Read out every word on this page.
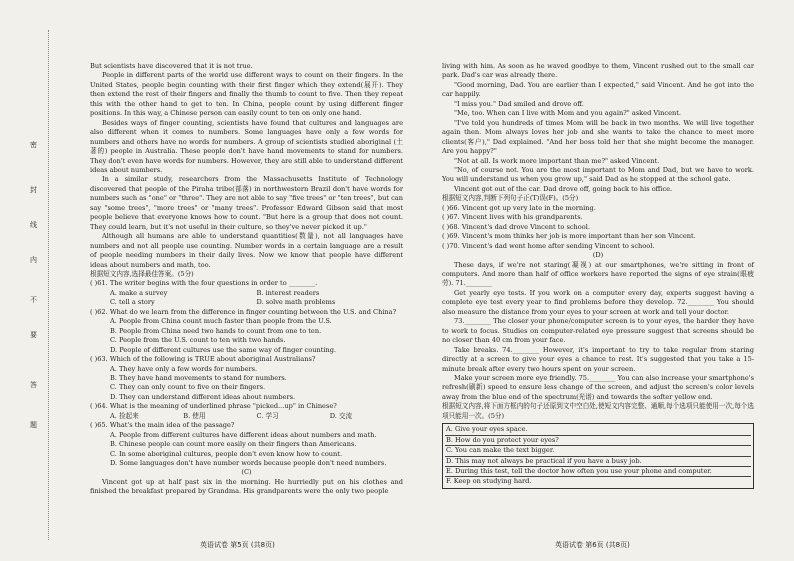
密
封
线
内
不
要
答
题

But scientists have discovered that it is not true.

People in different parts of the world use different ways to count on their fingers. In the United States, people begin counting with their first finger which they extend(展开). They then extend the rest of their fingers and finally the thumb to count to five. Then they repeat this with the other hand to get to ten. In China, people count by using different finger positions. In this way, a Chinese person can easily count to ten on only one hand.

Besides ways of finger counting, scientists have found that cultures and languages are also different when it comes to numbers. Some languages have only a few words for numbers and others have no words for numbers. A group of scientists studied aboriginal (土著的) people in Australia. These people don't have hand movements to stand for numbers. They don't even have words for numbers. However, they are still able to understand different ideas about numbers.

In a similar study, researchers from the Massachusetts Institute of Technology discovered that people of the Piraha tribe(部落) in northwestern Brazil don't have words for numbers such as "one" or "three". They are not able to say "five trees" or "ten trees", but can say "some trees", "more trees" or "many trees". Professor Edward Gibson said that most people believe that everyone knows how to count. "But here is a group that does not count. They could learn, but it's not useful in their culture, so they've never picked it up."

Although all humans are able to understand quantities(数量), not all languages have numbers and not all people use counting. Number words in a certain language are a result of people needing numbers in their daily lives. Now we know that people have different ideas about numbers and math, too.

根据短文内容,选择最佳答案。(5分)

( )61. The writer begins with the four questions in order to ________.

A. make a survey	B. interest readers
C. tell a story	D. solve math problems

( )62. What do we learn from the difference in finger counting between the U.S. and China?

A. People from China count much faster than people from the U.S.
B. People from China need two hands to count from one to ten.
C. People from the U.S. count to ten with two hands.
D. People of different cultures use the same way of finger counting.

( )63. Which of the following is TRUE about aboriginal Australians?

A. They have only a few words for numbers.
B. They have hand movements to stand for numbers.
C. They can only count to five on their fingers.
D. They can understand different ideas about numbers.

( )64. What is the meaning of underlined phrase "picked...up" in Chinese?

A. 捡起来	B. 使用	C. 学习	D. 交流

( )65. What's the main idea of the passage?

A. People from different cultures have different ideas about numbers and math.
B. Chinese people can count more easily on their fingers than Americans.
C. In some aboriginal cultures, people don't even know how to count.
D. Some languages don't have number words because people don't need numbers.

(C)

Vincent got up at half past six in the morning. He hurriedly put on his clothes and finished the breakfast prepared by Grandma. His grandparents were the only two people

living with him. As soon as he waved goodbye to them, Vincent rushed out to the small car park. Dad's car was already there.

"Good morning, Dad. You are earlier than I expected," said Vincent. And he got into the car happily.

"I miss you." Dad smiled and drove off.

"Me, too. When can I live with Mom and you again?" asked Vincent.

"I've told you hundreds of times Mom will be back in two months. We will live together again then. Mom always loves her job and she wants to take the chance to meet more clients(客户)," Dad explained. "And her boss told her that she might become the manager. Are you happy?"

"Not at all. Is work more important than me?" asked Vincent.

"No, of course not. You are the most important to Mom and Dad, but we have to work. You will understand us when you grow up," said Dad as he stopped at the school gate.

Vincent got out of the car. Dad drove off, going back to his office.

根据短文内容,判断下列句子正(T)误(F)。(5分)

( )66. Vincent got up very late in the morning.

( )67. Vincent lives with his grandparents.

( )68. Vincent's dad drove Vincent to school.

( )69. Vincent's mom thinks her job is more important than her son Vincent.

( )70. Vincent's dad went home after sending Vincent to school.

(D)

These days, if we're not staring(凝视) at our smartphones, we're sitting in front of computers. And more than half of office workers have reported the signs of eye strain(眼疲劳). 71.________

Get yearly eye tests. If you work on a computer every day, experts suggest having a complete eye test every year to find problems before they develop. 72.________ You should also measure the distance from your eyes to your screen at work and tell your doctor.

73.________ The closer your phone/computer screen is to your eyes, the harder they have to work to focus. Studies on computer-related eye pressure suggest that screens should be no closer than 40 cm from your face.

Take breaks. 74.________ However, it's important to try to take regular from staring directly at a screen to give your eyes a chance to rest. It's suggested that you take a 15-minute break after every two hours spent on your screen.

Make your screen more eye friendly. 75.________ You can also increase your smartphone's refresh(刷新) speed to ensure less change of the screen, and adjust the screen's color levels away from the blue end of the spectrum(光谱) and towards the softer yellow end.

根据短文内容,将下面方框内的句子还原到文中空白处,使短文内容完整、通顺,每个选项只能使用一次,每个选项只能用一次。(5分)

A. Give your eyes space.
B. How do you protect your eyes?
C. You can make the text bigger.
D. This may not always be practical if you have a busy job.
E. During this test, tell the doctor how often you use your phone and computer.
F. Keep on studying hard.
英语试卷 第5页 (共8页)	英语试卷 第6页 (共8页)
